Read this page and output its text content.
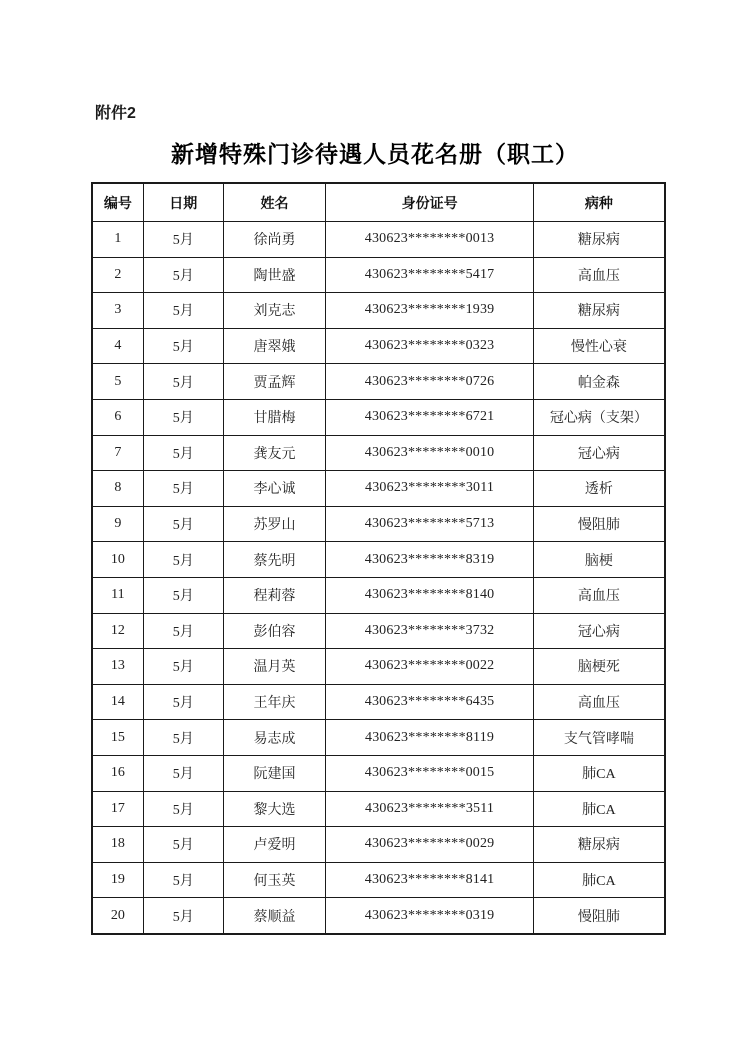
附件2
新增特殊门诊待遇人员花名册（职工）
编号	日期	姓名	身份证号	病种
1	5月	徐尚勇	430623********0013	糖尿病
2	5月	陶世盛	430623********5417	高血压
3	5月	刘克志	430623********1939	糖尿病
4	5月	唐翠娥	430623********0323	慢性心衰
5	5月	贾孟辉	430623********0726	帕金森
6	5月	甘腊梅	430623********6721	冠心病（支架）
7	5月	龚友元	430623********0010	冠心病
8	5月	李心诚	430623********3011	透析
9	5月	苏罗山	430623********5713	慢阻肺
10	5月	蔡先明	430623********8319	脑梗
11	5月	程莉蓉	430623********8140	高血压
12	5月	彭伯容	430623********3732	冠心病
13	5月	温月英	430623********0022	脑梗死
14	5月	王年庆	430623********6435	高血压
15	5月	易志成	430623********8119	支气管哮喘
16	5月	阮建国	430623********0015	肺CA
17	5月	黎大选	430623********3511	肺CA
18	5月	卢爱明	430623********0029	糖尿病
19	5月	何玉英	430623********8141	肺CA
20	5月	蔡顺益	430623********0319	慢阻肺
